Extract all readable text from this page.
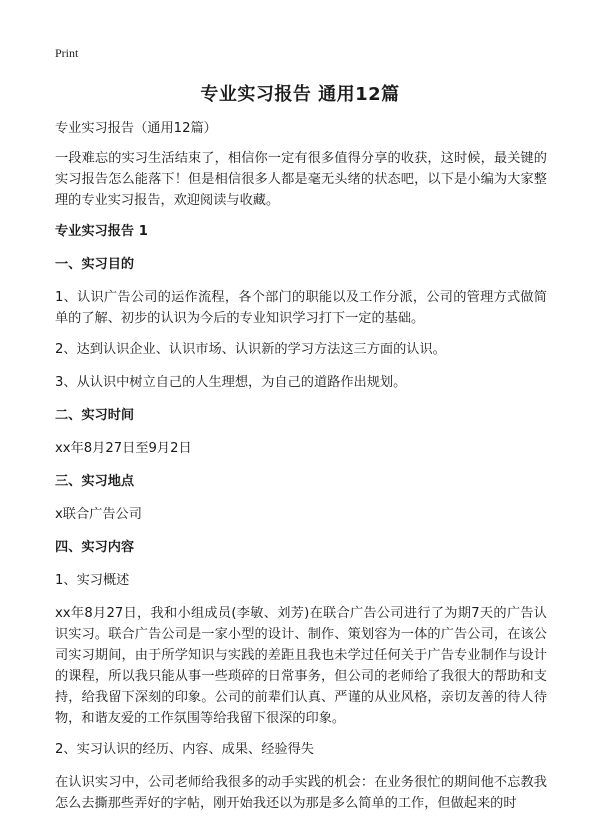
Print
专业实习报告 通用12篇

专业实习报告（通用12篇）

一段难忘的实习生活结束了，相信你一定有很多值得分享的收获，这时候，最关键的实习报告怎么能落下！但是相信很多人都是毫无头绪的状态吧，以下是小编为大家整理的专业实习报告，欢迎阅读与收藏。

专业实习报告 1

一、实习目的

1、认识广告公司的运作流程，各个部门的职能以及工作分派，公司的管理方式做简单的了解、初步的认识为今后的专业知识学习打下一定的基础。

2、达到认识企业、认识市场、认识新的学习方法这三方面的认识。

3、从认识中树立自己的人生理想，为自己的道路作出规划。

二、实习时间

xx年8月27日至9月2日

三、实习地点

x联合广告公司

四、实习内容

1、实习概述

xx年8月27日，我和小组成员(李敏、刘芳)在联合广告公司进行了为期7天的广告认识实习。联合广告公司是一家小型的设计、制作、策划容为一体的广告公司，在该公司实习期间，由于所学知识与实践的差距且我也未学过任何关于广告专业制作与设计的课程，所以我只能从事一些琐碎的日常事务，但公司的老师给了我很大的帮助和支持，给我留下深刻的印象。公司的前辈们认真、严谨的从业风格，亲切友善的待人待物，和谐友爱的工作氛围等给我留下很深的印象。

2、实习认识的经历、内容、成果、经验得失

在认识实习中，公司老师给我很多的动手实践的机会：在业务很忙的期间他不忘教我怎么去撕那些弄好的字帖，刚开始我还以为那是多么简单的工作，但做起来的时
